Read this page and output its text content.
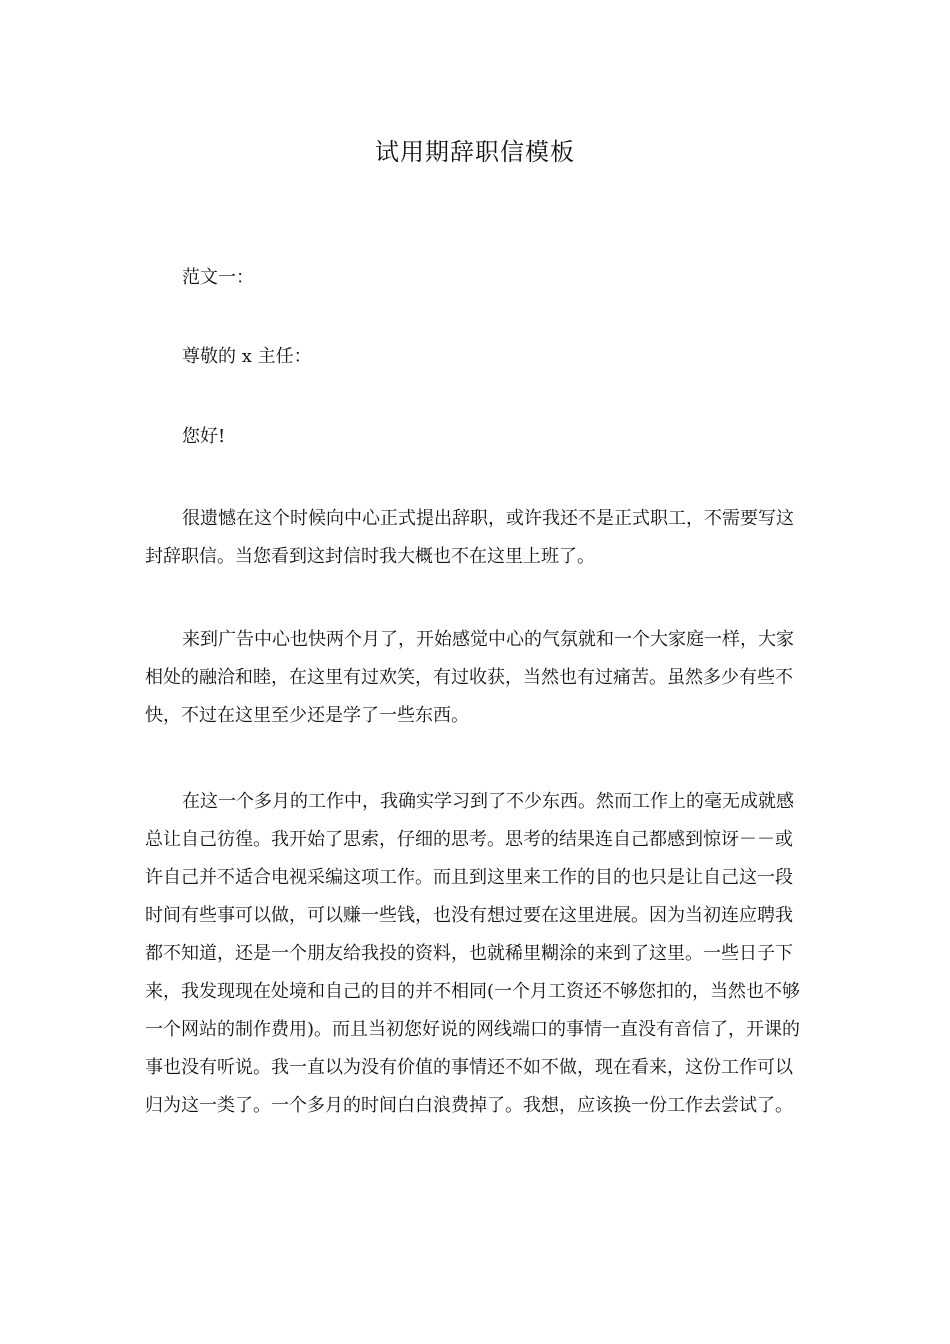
试用期辞职信模板

范文一：

尊敬的 x 主任：

您好!

很遗憾在这个时候向中心正式提出辞职，或许我还不是正式职工，不需要写这封辞职信。当您看到这封信时我大概也不在这里上班了。

来到广告中心也快两个月了，开始感觉中心的气氛就和一个大家庭一样，大家相处的融洽和睦，在这里有过欢笑，有过收获，当然也有过痛苦。虽然多少有些不快，不过在这里至少还是学了一些东西。

在这一个多月的工作中，我确实学习到了不少东西。然而工作上的毫无成就感总让自己彷徨。我开始了思索，仔细的思考。思考的结果连自己都感到惊讶－－或许自己并不适合电视采编这项工作。而且到这里来工作的目的也只是让自己这一段时间有些事可以做，可以赚一些钱，也没有想过要在这里进展。因为当初连应聘我都不知道，还是一个朋友给我投的资料，也就稀里糊涂的来到了这里。一些日子下来，我发现现在处境和自己的目的并不相同(一个月工资还不够您扣的，当然也不够一个网站的制作费用)。而且当初您好说的网线端口的事情一直没有音信了，开课的事也没有听说。我一直以为没有价值的事情还不如不做，现在看来，这份工作可以归为这一类了。一个多月的时间白白浪费掉了。我想，应该换一份工作去尝试了。
